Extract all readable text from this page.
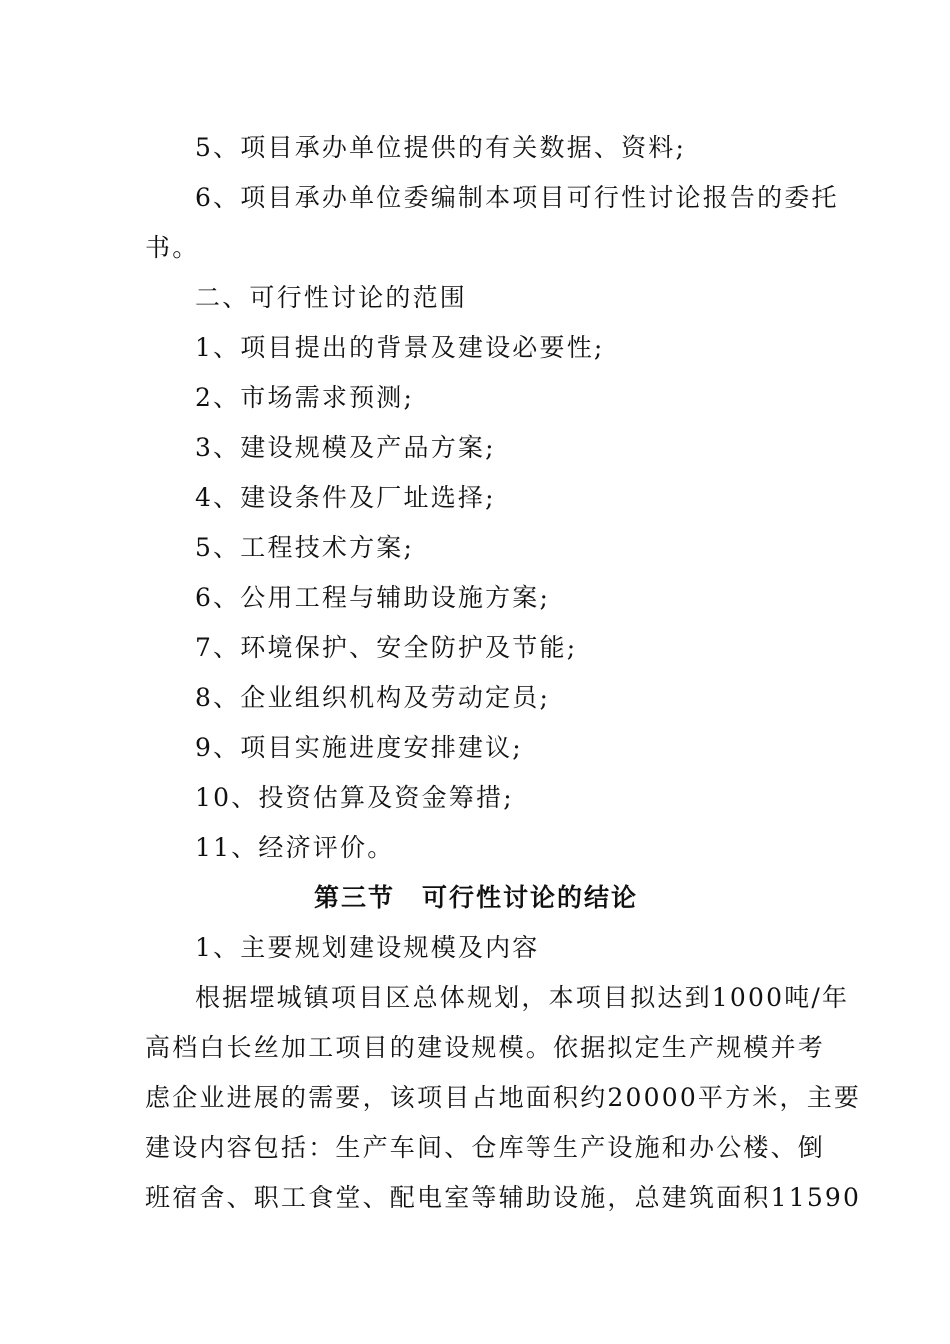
5、项目承办单位提供的有关数据、资料;
6、项目承办单位委编制本项目可行性讨论报告的委托
书。
二、可行性讨论的范围
1、项目提出的背景及建设必要性;
2、市场需求预测;
3、建设规模及产品方案;
4、建设条件及厂址选择;
5、工程技术方案;
6、公用工程与辅助设施方案;
7、环境保护、安全防护及节能;
8、企业组织机构及劳动定员;
9、项目实施进度安排建议;
10、投资估算及资金筹措;
11、经济评价。
第三节　可行性讨论的结论
1、主要规划建设规模及内容
根据堽城镇项目区总体规划，本项目拟达到1000吨/年
高档白长丝加工项目的建设规模。依据拟定生产规模并考
虑企业进展的需要，该项目占地面积约20000平方米，主要
建设内容包括：生产车间、仓库等生产设施和办公楼、倒
班宿舍、职工食堂、配电室等辅助设施，总建筑面积11590
